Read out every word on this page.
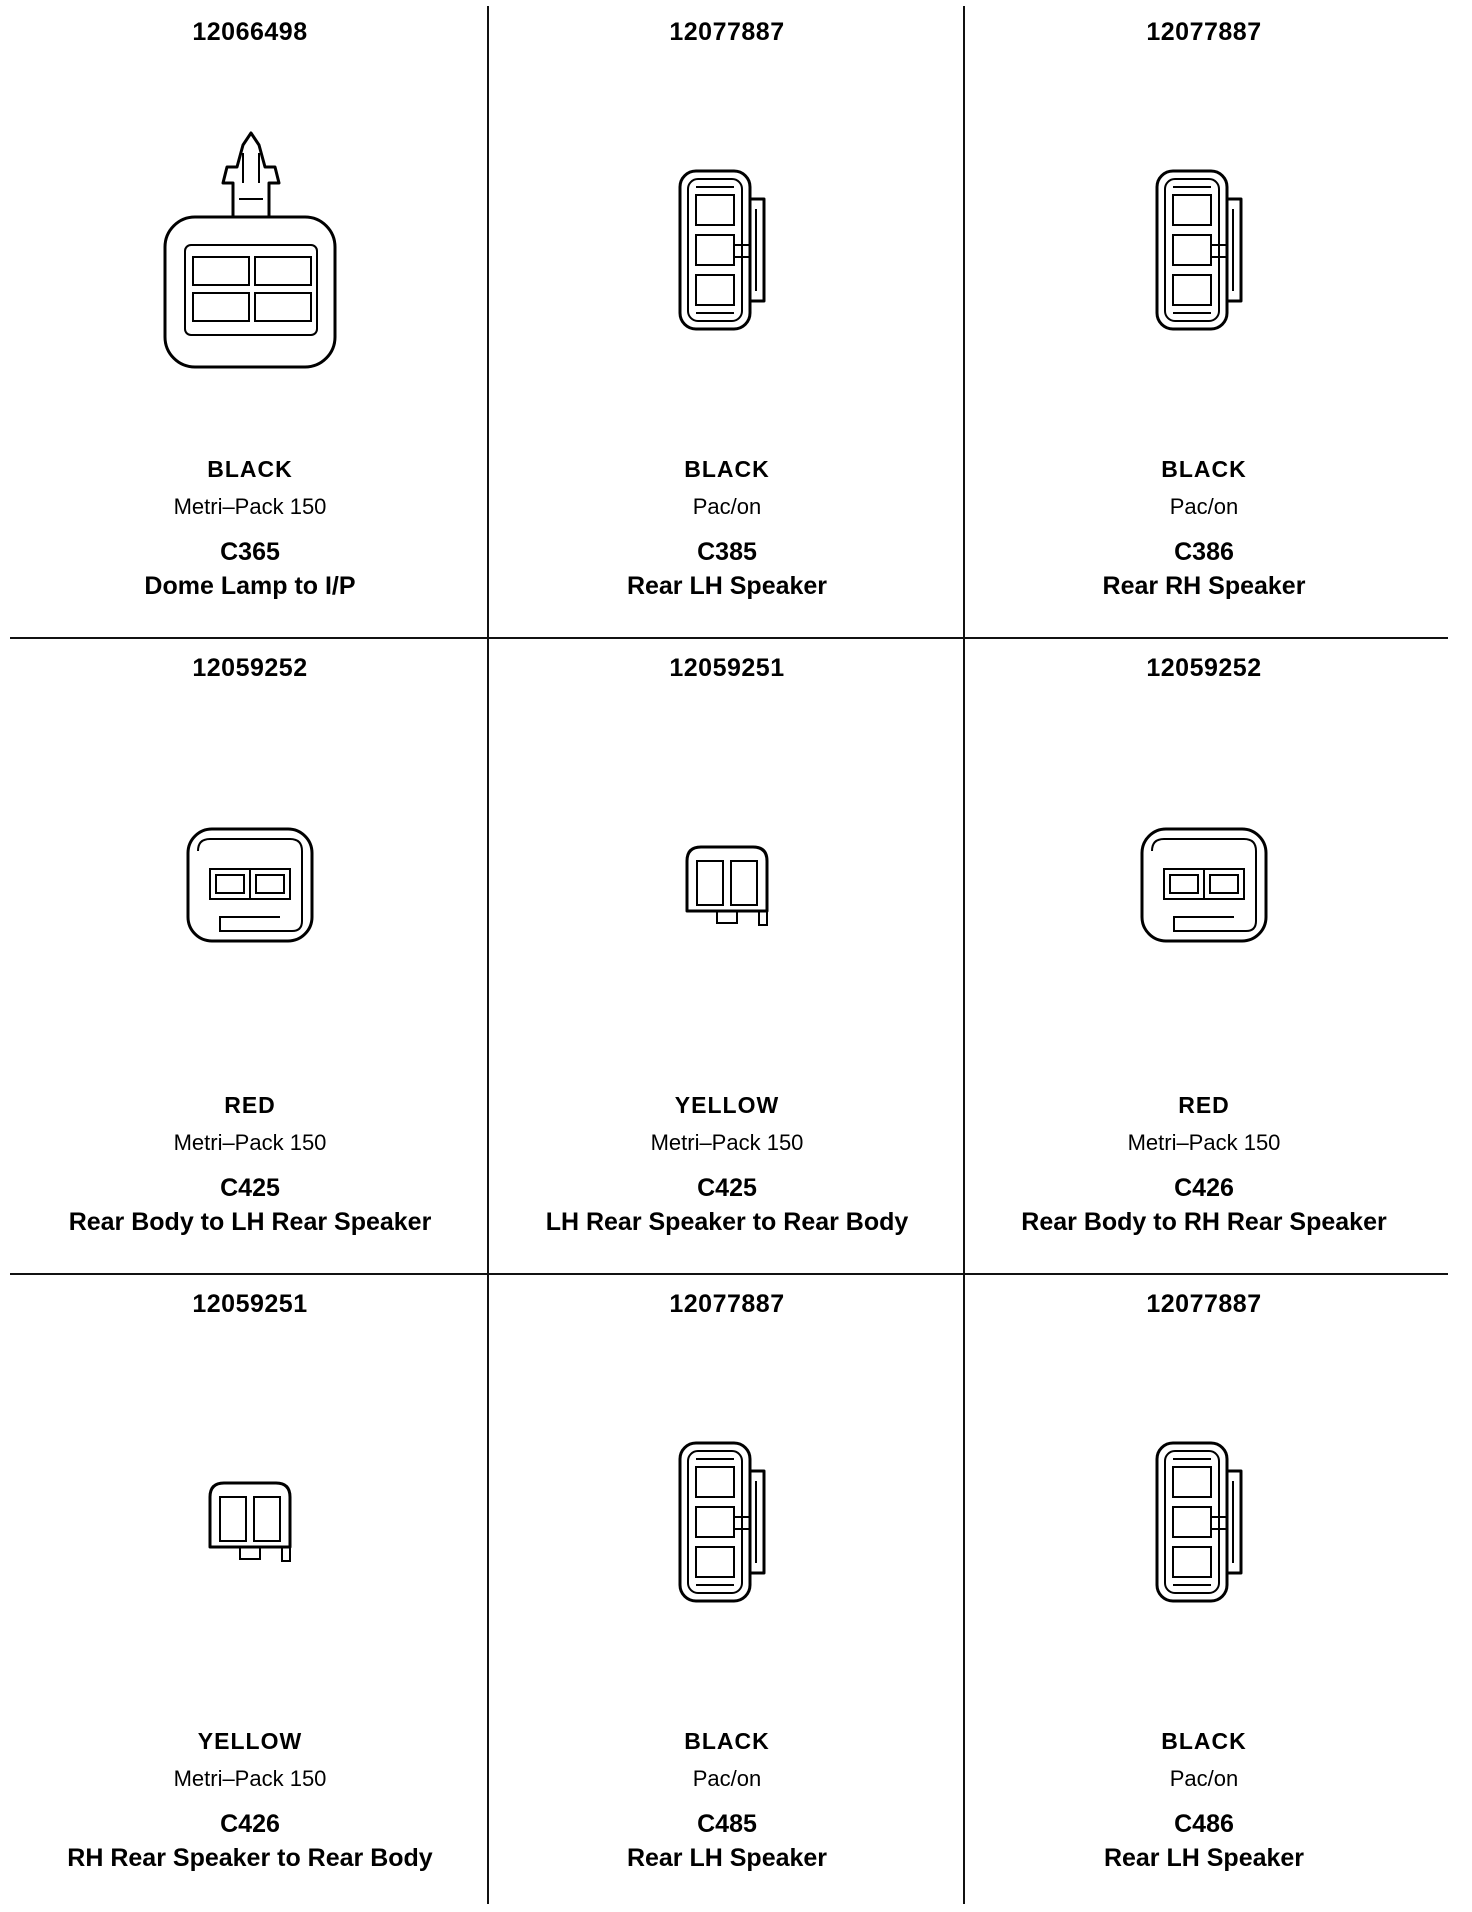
12066498
BLACK
Metri–Pack 150
C365
Dome Lamp to I/P
12077887
BLACK
Pac/on
C385
Rear LH Speaker
12077887
BLACK
Pac/on
C386
Rear RH Speaker
12059252
RED
Metri–Pack 150
C425
Rear Body to LH Rear Speaker
12059251
YELLOW
Metri–Pack 150
C425
LH Rear Speaker to Rear Body
12059252
RED
Metri–Pack 150
C426
Rear Body to RH Rear Speaker
12059251
YELLOW
Metri–Pack 150
C426
RH Rear Speaker to Rear Body
12077887
BLACK
Pac/on
C485
Rear LH Speaker
12077887
BLACK
Pac/on
C486
Rear LH Speaker
